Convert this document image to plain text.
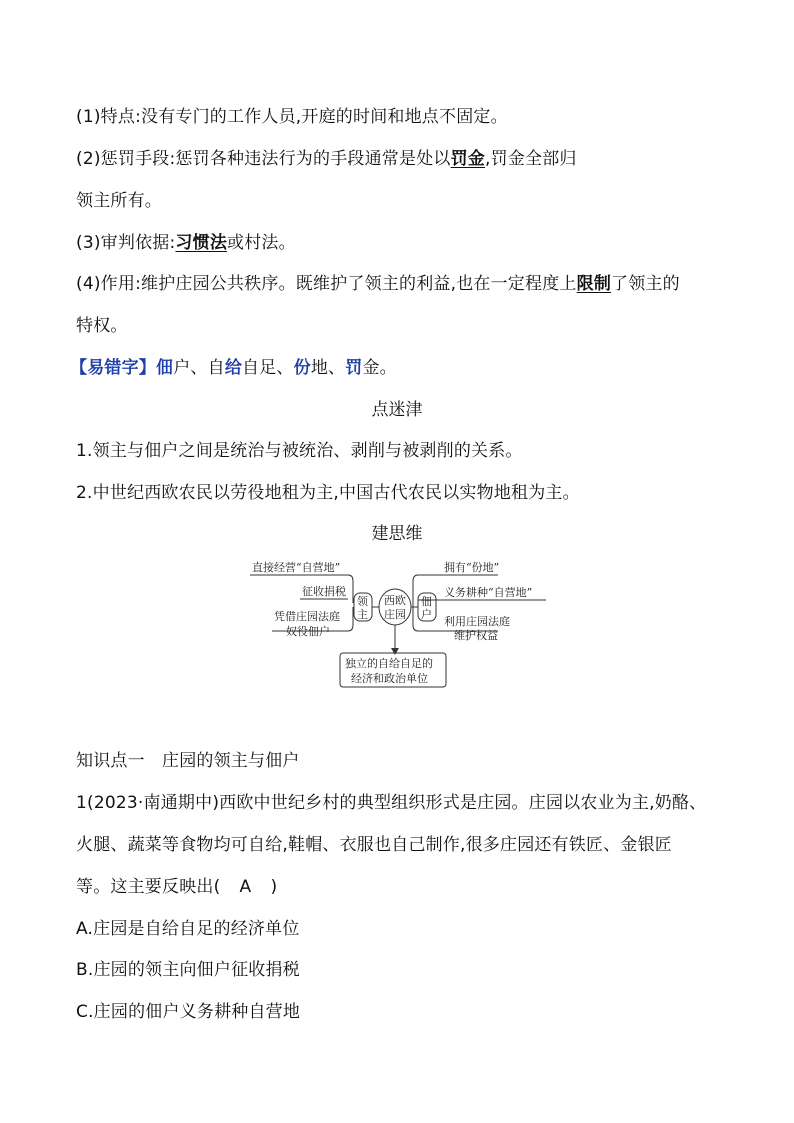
(1)特点:没有专门的工作人员,开庭的时间和地点不固定。
(2)惩罚手段:惩罚各种违法行为的手段通常是处以罚金,罚金全部归
领主所有。
(3)审判依据:习惯法或村法。
(4)作用:维护庄园公共秩序。既维护了领主的利益,也在一定程度上限制了领主的
特权。
【易错字】佃户、自给自足、份地、罚金。
点迷津
1.领主与佃户之间是统治与被统治、剥削与被剥削的关系。
2.中世纪西欧农民以劳役地租为主,中国古代农民以实物地租为主。
建思维
直接经营“自营地”
征收捐税
凭借庄园法庭
奴役佃户
领
主
西欧
庄园
佃
户
拥有“份地”
义务耕种“自营地”
利用庄园法庭
维护权益
独立的自给自足的
经济和政治单位
知识点一　庄园的领主与佃户
1(2023·南通期中)西欧中世纪乡村的典型组织形式是庄园。庄园以农业为主,奶酪、
火腿、蔬菜等食物均可自给,鞋帽、衣服也自己制作,很多庄园还有铁匠、金银匠
等。这主要反映出( A )
A.庄园是自给自足的经济单位
B.庄园的领主向佃户征收捐税
C.庄园的佃户义务耕种自营地
